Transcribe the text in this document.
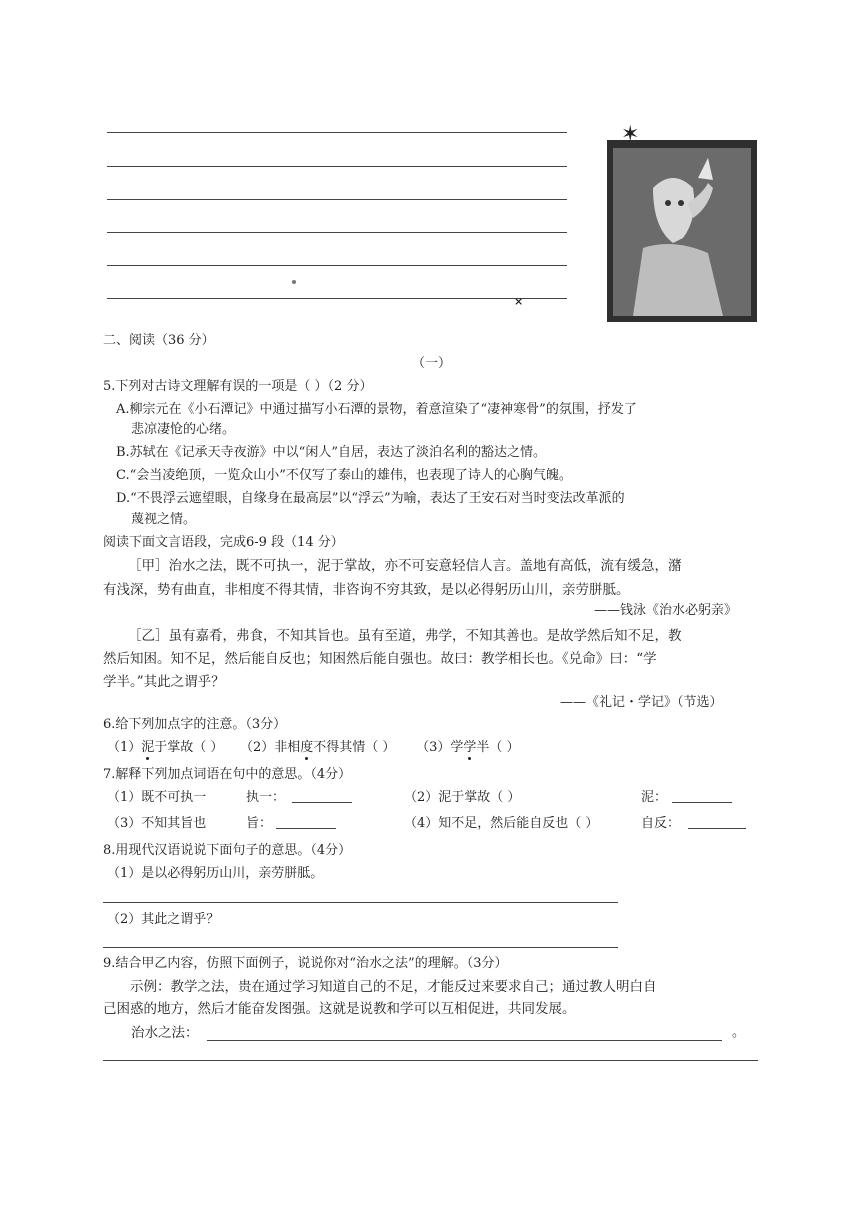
×
✶
二、阅读（36 分）
（一）
5.下列对古诗文理解有误的一项是（ ）（2 分）
A.柳宗元在《小石潭记》中通过描写小石潭的景物，着意渲染了“凄神寒骨”的氛围，抒发了
悲凉凄怆的心绪。
B.苏轼在《记承天寺夜游》中以“闲人”自居，表达了淡泊名利的豁达之情。
C.“会当凌绝顶，一览众山小”不仅写了泰山的雄伟，也表现了诗人的心胸气魄。
D.“不畏浮云遮望眼，自缘身在最高层”以“浮云”为喻，表达了王安石对当时变法改革派的
蔑视之情。
阅读下面文言语段，完成6-9 段（14 分）
［甲］治水之法，既不可执一，泥于掌故，亦不可妄意轻信人言。盖地有高低，流有缓急，潴
有浅深，势有曲直，非相度不得其情，非咨询不穷其致，是以必得躬历山川，亲劳胼胝。
——钱泳《治水必躬亲》
［乙］虽有嘉肴，弗食，不知其旨也。虽有至道，弗学，不知其善也。是故学然后知不足，教
然后知困。知不足，然后能自反也；知困然后能自强也。故曰：教学相长也。《兑命》曰：“学
学半。”其此之谓乎？
——《礼记・学记》（节选）
6.给下列加点字的注意。（3分）
（1）泥于掌故（ ） （2）非相度不得其情（ ） （3）学学半（ ）
7.解释下列加点词语在句中的意思。（4分）
（1）既不可执一	执一：	（2）泥于掌故（ ）	泥：
（3）不知其旨也	旨：	（4）知不足，然后能自反也（ ）	自反：
8.用现代汉语说说下面句子的意思。（4分）
（1）是以必得躬历山川，亲劳胼胝。
（2）其此之谓乎？
9.结合甲乙内容，仿照下面例子，说说你对“治水之法”的理解。（3分）
示例：教学之法，贵在通过学习知道自己的不足，才能反过来要求自己；通过教人明白自
己困惑的地方，然后才能奋发图强。这就是说教和学可以互相促进，共同发展。
治水之法：	。
